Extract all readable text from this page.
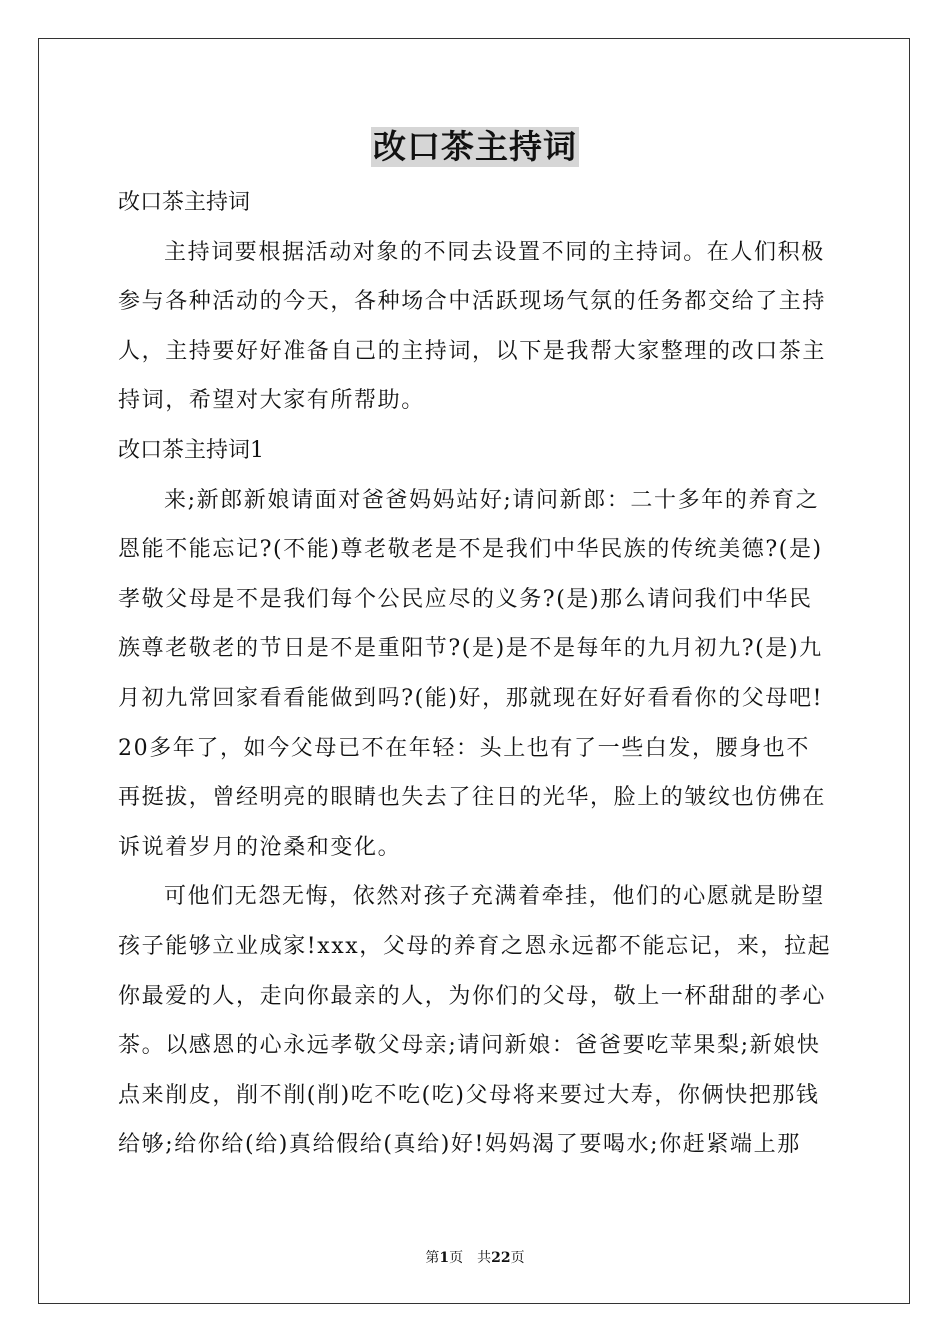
改口茶主持词
改口茶主持词
主持词要根据活动对象的不同去设置不同的主持词。在人们积极
参与各种活动的今天，各种场合中活跃现场气氛的任务都交给了主持
人，主持要好好准备自己的主持词，以下是我帮大家整理的改口茶主
持词，希望对大家有所帮助。
改口茶主持词1
来;新郎新娘请面对爸爸妈妈站好;请问新郎：二十多年的养育之
恩能不能忘记?(不能)尊老敬老是不是我们中华民族的传统美德?(是)
孝敬父母是不是我们每个公民应尽的义务?(是)那么请问我们中华民
族尊老敬老的节日是不是重阳节?(是)是不是每年的九月初九?(是)九
月初九常回家看看能做到吗?(能)好，那就现在好好看看你的父母吧!
20多年了，如今父母已不在年轻：头上也有了一些白发，腰身也不
再挺拔，曾经明亮的眼睛也失去了往日的光华，脸上的皱纹也仿佛在
诉说着岁月的沧桑和变化。
可他们无怨无悔，依然对孩子充满着牵挂，他们的心愿就是盼望
孩子能够立业成家!xxx，父母的养育之恩永远都不能忘记，来，拉起
你最爱的人，走向你最亲的人，为你们的父母，敬上一杯甜甜的孝心
茶。以感恩的心永远孝敬父母亲;请问新娘：爸爸要吃苹果梨;新娘快
点来削皮，削不削(削)吃不吃(吃)父母将来要过大寿，你俩快把那钱
给够;给你给(给)真给假给(真给)好!妈妈渴了要喝水;你赶紧端上那
第1页 共22页
